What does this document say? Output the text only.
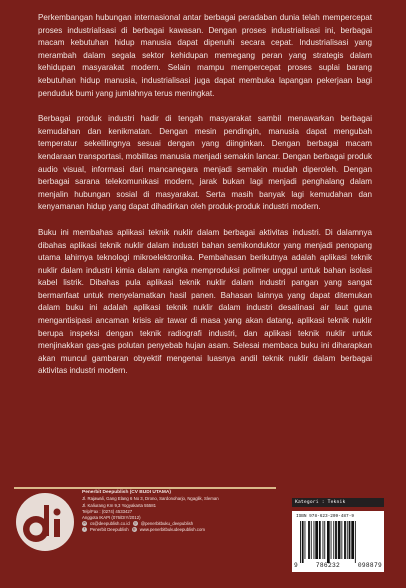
Perkembangan hubungan internasional antar berbagai peradaban dunia telah mempercepat proses industrialisasi di berbagai kawasan. Dengan proses industrialisasi ini, berbagai macam kebutuhan hidup manusia dapat dipenuhi secara cepat. Industrialisasi yang merambah dalam segala sektor kehidupan memegang peran yang strategis dalam kehidupan masyarakat modern. Selain mampu mempercepat proses suplai barang kebutuhan hidup manusia, industrialisasi juga dapat membuka lapangan pekerjaan bagi penduduk bumi yang jumlahnya terus meningkat.

Berbagai produk industri hadir di tengah masyarakat sambil menawarkan berbagai kemudahan dan kenikmatan. Dengan mesin pendingin, manusia dapat mengubah temperatur sekelilingnya sesuai dengan yang diinginkan. Dengan berbagai macam kendaraan transportasi, mobilitas manusia menjadi semakin lancar. Dengan berbagai produk audio visual, informasi dari mancanegara menjadi semakin mudah diperoleh. Dengan berbagai sarana telekomunikasi modern, jarak bukan lagi menjadi penghalang dalam menjalin hubungan sosial di masyarakat. Serta masih banyak lagi kemudahan dan kenyamanan hidup yang dapat dihadirkan oleh produk-produk industri modern.

Buku ini membahas aplikasi teknik nuklir dalam berbagai aktivitas industri. Di dalamnya dibahas aplikasi teknik nuklir dalam industri bahan semikonduktor yang menjadi penopang utama lahirnya teknologi mikroelektronika. Pembahasan berikutnya adalah aplikasi teknik nuklir dalam industri kimia dalam rangka memproduksi polimer unggul untuk bahan isolasi kabel listrik. Dibahas pula aplikasi teknik nuklir dalam industri pangan yang sangat bermanfaat untuk menyelamatkan hasil panen. Bahasan lainnya yang dapat ditemukan dalam buku ini adalah aplikasi teknik nuklir dalam industri desalinasi air laut guna mengantisipasi ancaman krisis air tawar di masa yang akan datang, aplikasi teknik nuklir berupa inspeksi dengan teknik radiografi industri, dan aplikasi teknik nuklir untuk menjinakkan gas-gas polutan penyebab hujan asam. Selesai membaca buku ini diharapkan akan muncul gambaran obyektif mengenai luasnya andil teknik nuklir dalam berbagai aktivitas industri modern.

Penerbit Deepublish (CV BUDI UTAMA)
Jl. Rajawali, Gang Elang 6 No 3, Drono, Sardonoharjo, Ngaglik, Sleman
Jl. Kaliurang Km 9,3 Yogyakarta 55581
Telp/Fax : (0274) 4533427
Anggota IKAPI (076/DIY/2012)
✉ cs@deepublish.co.id ◎ @penerbitbuku_deepublish
f	Penerbit Deepublish ◍ www.penerbitbukudeepublish.com
Kategori : Teknik
ISBN 978-623-209-487-9
9	786232	098879
